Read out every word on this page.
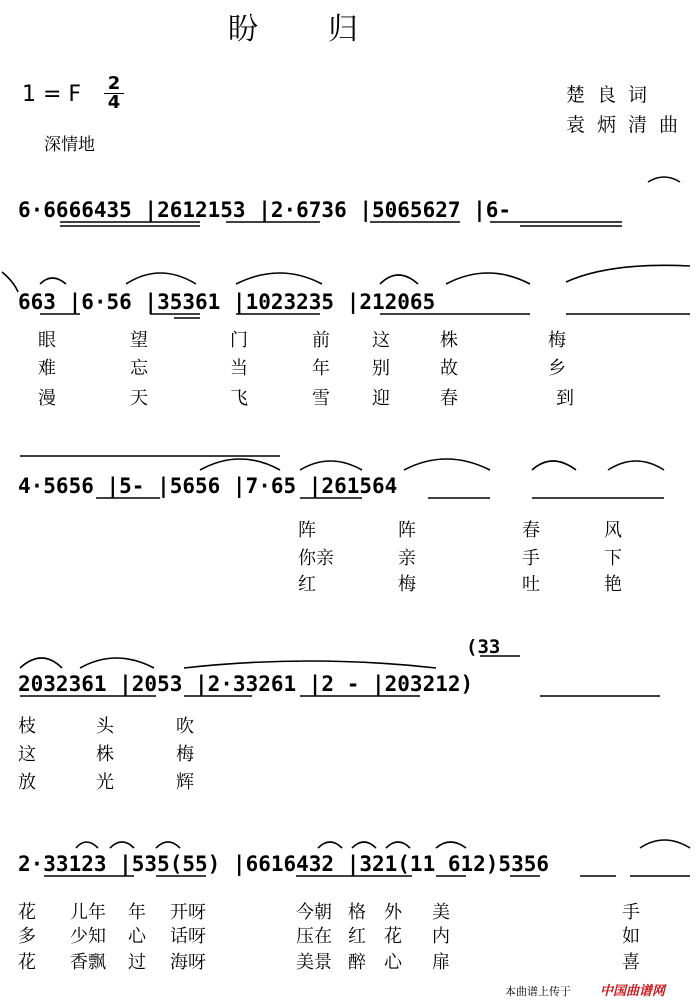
盼归
1 = F 2
4
深情地
楚良词
袁炳清曲
6·6666435 |2612153 |2·6736 |5065627 |6-
663 |6·56 |35361 |1023235 |212065
眼	望	门	前 这	株	梅
难	忘	当	年 别	故	乡
漫	天	飞	雪 迎	春	到
4·5656 |5- |5656 |7·65 |261564
阵	阵	春	风
你亲	亲	手	下
红	梅	吐	艳
(33
2032361 |2053 |2·33261 |2 - |203212)
枝	头	吹
这	株	梅
放	光	辉
2·33123 |535(55) |6616432 |321(11 612)5356
花 儿年 年 开呀	今朝 格 外 美	手
多 少知 心 话呀	压在 红 花 内	如
花 香飘 过 海呀	美景 醉 心 扉	喜
本曲谱上传于 中国曲谱网
